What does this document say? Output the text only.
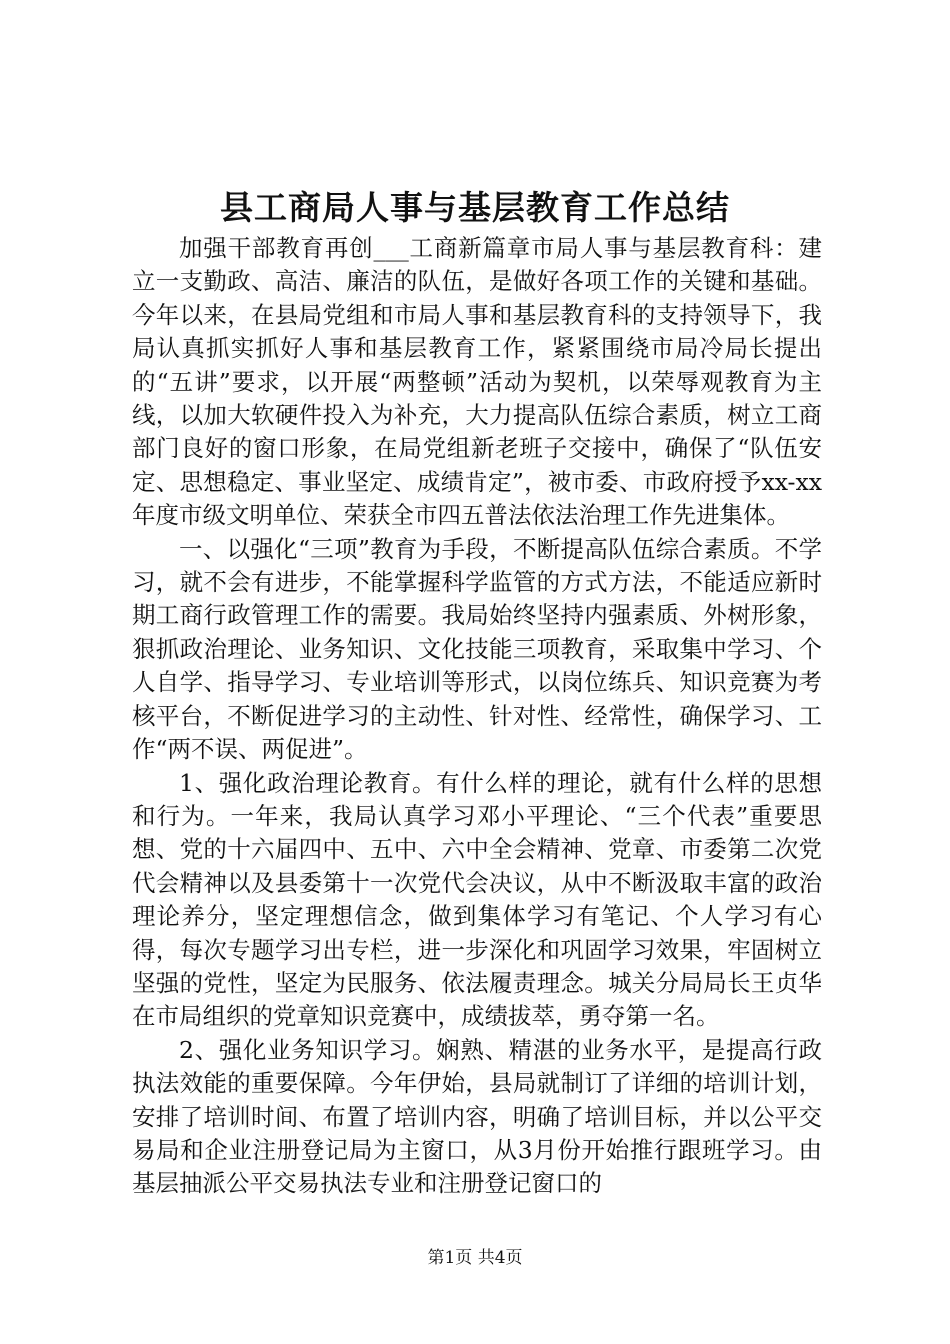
县工商局人事与基层教育工作总结

加强干部教育再创___工商新篇章市局人事与基层教育科：建立一支勤政、高洁、廉洁的队伍，是做好各项工作的关键和基础。今年以来，在县局党组和市局人事和基层教育科的支持领导下，我局认真抓实抓好人事和基层教育工作，紧紧围绕市局冷局长提出的“五讲”要求，以开展“两整顿”活动为契机，以荣辱观教育为主线，以加大软硬件投入为补充，大力提高队伍综合素质，树立工商部门良好的窗口形象，在局党组新老班子交接中，确保了“队伍安定、思想稳定、事业坚定、成绩肯定”，被市委、市政府授予xx-xx年度市级文明单位、荣获全市四五普法依法治理工作先进集体。

一、以强化“三项”教育为手段，不断提高队伍综合素质。不学习，就不会有进步，不能掌握科学监管的方式方法，不能适应新时期工商行政管理工作的需要。我局始终坚持内强素质、外树形象，狠抓政治理论、业务知识、文化技能三项教育，采取集中学习、个人自学、指导学习、专业培训等形式，以岗位练兵、知识竞赛为考核平台，不断促进学习的主动性、针对性、经常性，确保学习、工作“两不误、两促进”。

1、强化政治理论教育。有什么样的理论，就有什么样的思想和行为。一年来，我局认真学习邓小平理论、“三个代表”重要思想、党的十六届四中、五中、六中全会精神、党章、市委第二次党代会精神以及县委第十一次党代会决议，从中不断汲取丰富的政治理论养分，坚定理想信念，做到集体学习有笔记、个人学习有心得，每次专题学习出专栏，进一步深化和巩固学习效果，牢固树立坚强的党性，坚定为民服务、依法履责理念。城关分局局长王贞华在市局组织的党章知识竞赛中，成绩拔萃，勇夺第一名。

2、强化业务知识学习。娴熟、精湛的业务水平，是提高行政执法效能的重要保障。今年伊始，县局就制订了详细的培训计划，安排了培训时间、布置了培训内容，明确了培训目标，并以公平交易局和企业注册登记局为主窗口，从3月份开始推行跟班学习。由基层抽派公平交易执法专业和注册登记窗口的

第1页 共4页
